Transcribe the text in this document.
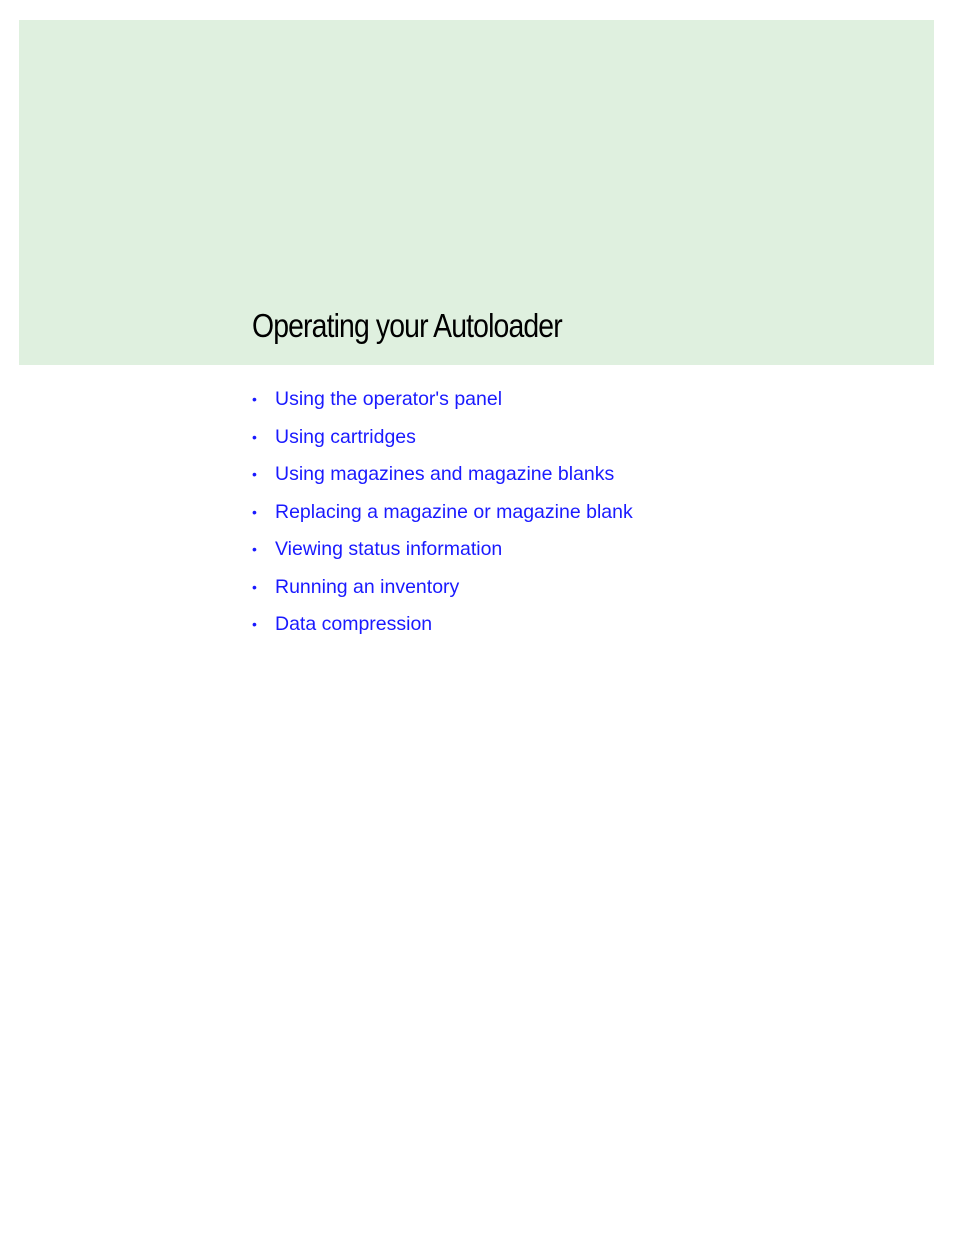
Operating your Autoloader
• Using the operator's panel
• Using cartridges
• Using magazines and magazine blanks
• Replacing a magazine or magazine blank
• Viewing status information
• Running an inventory
• Data compression
